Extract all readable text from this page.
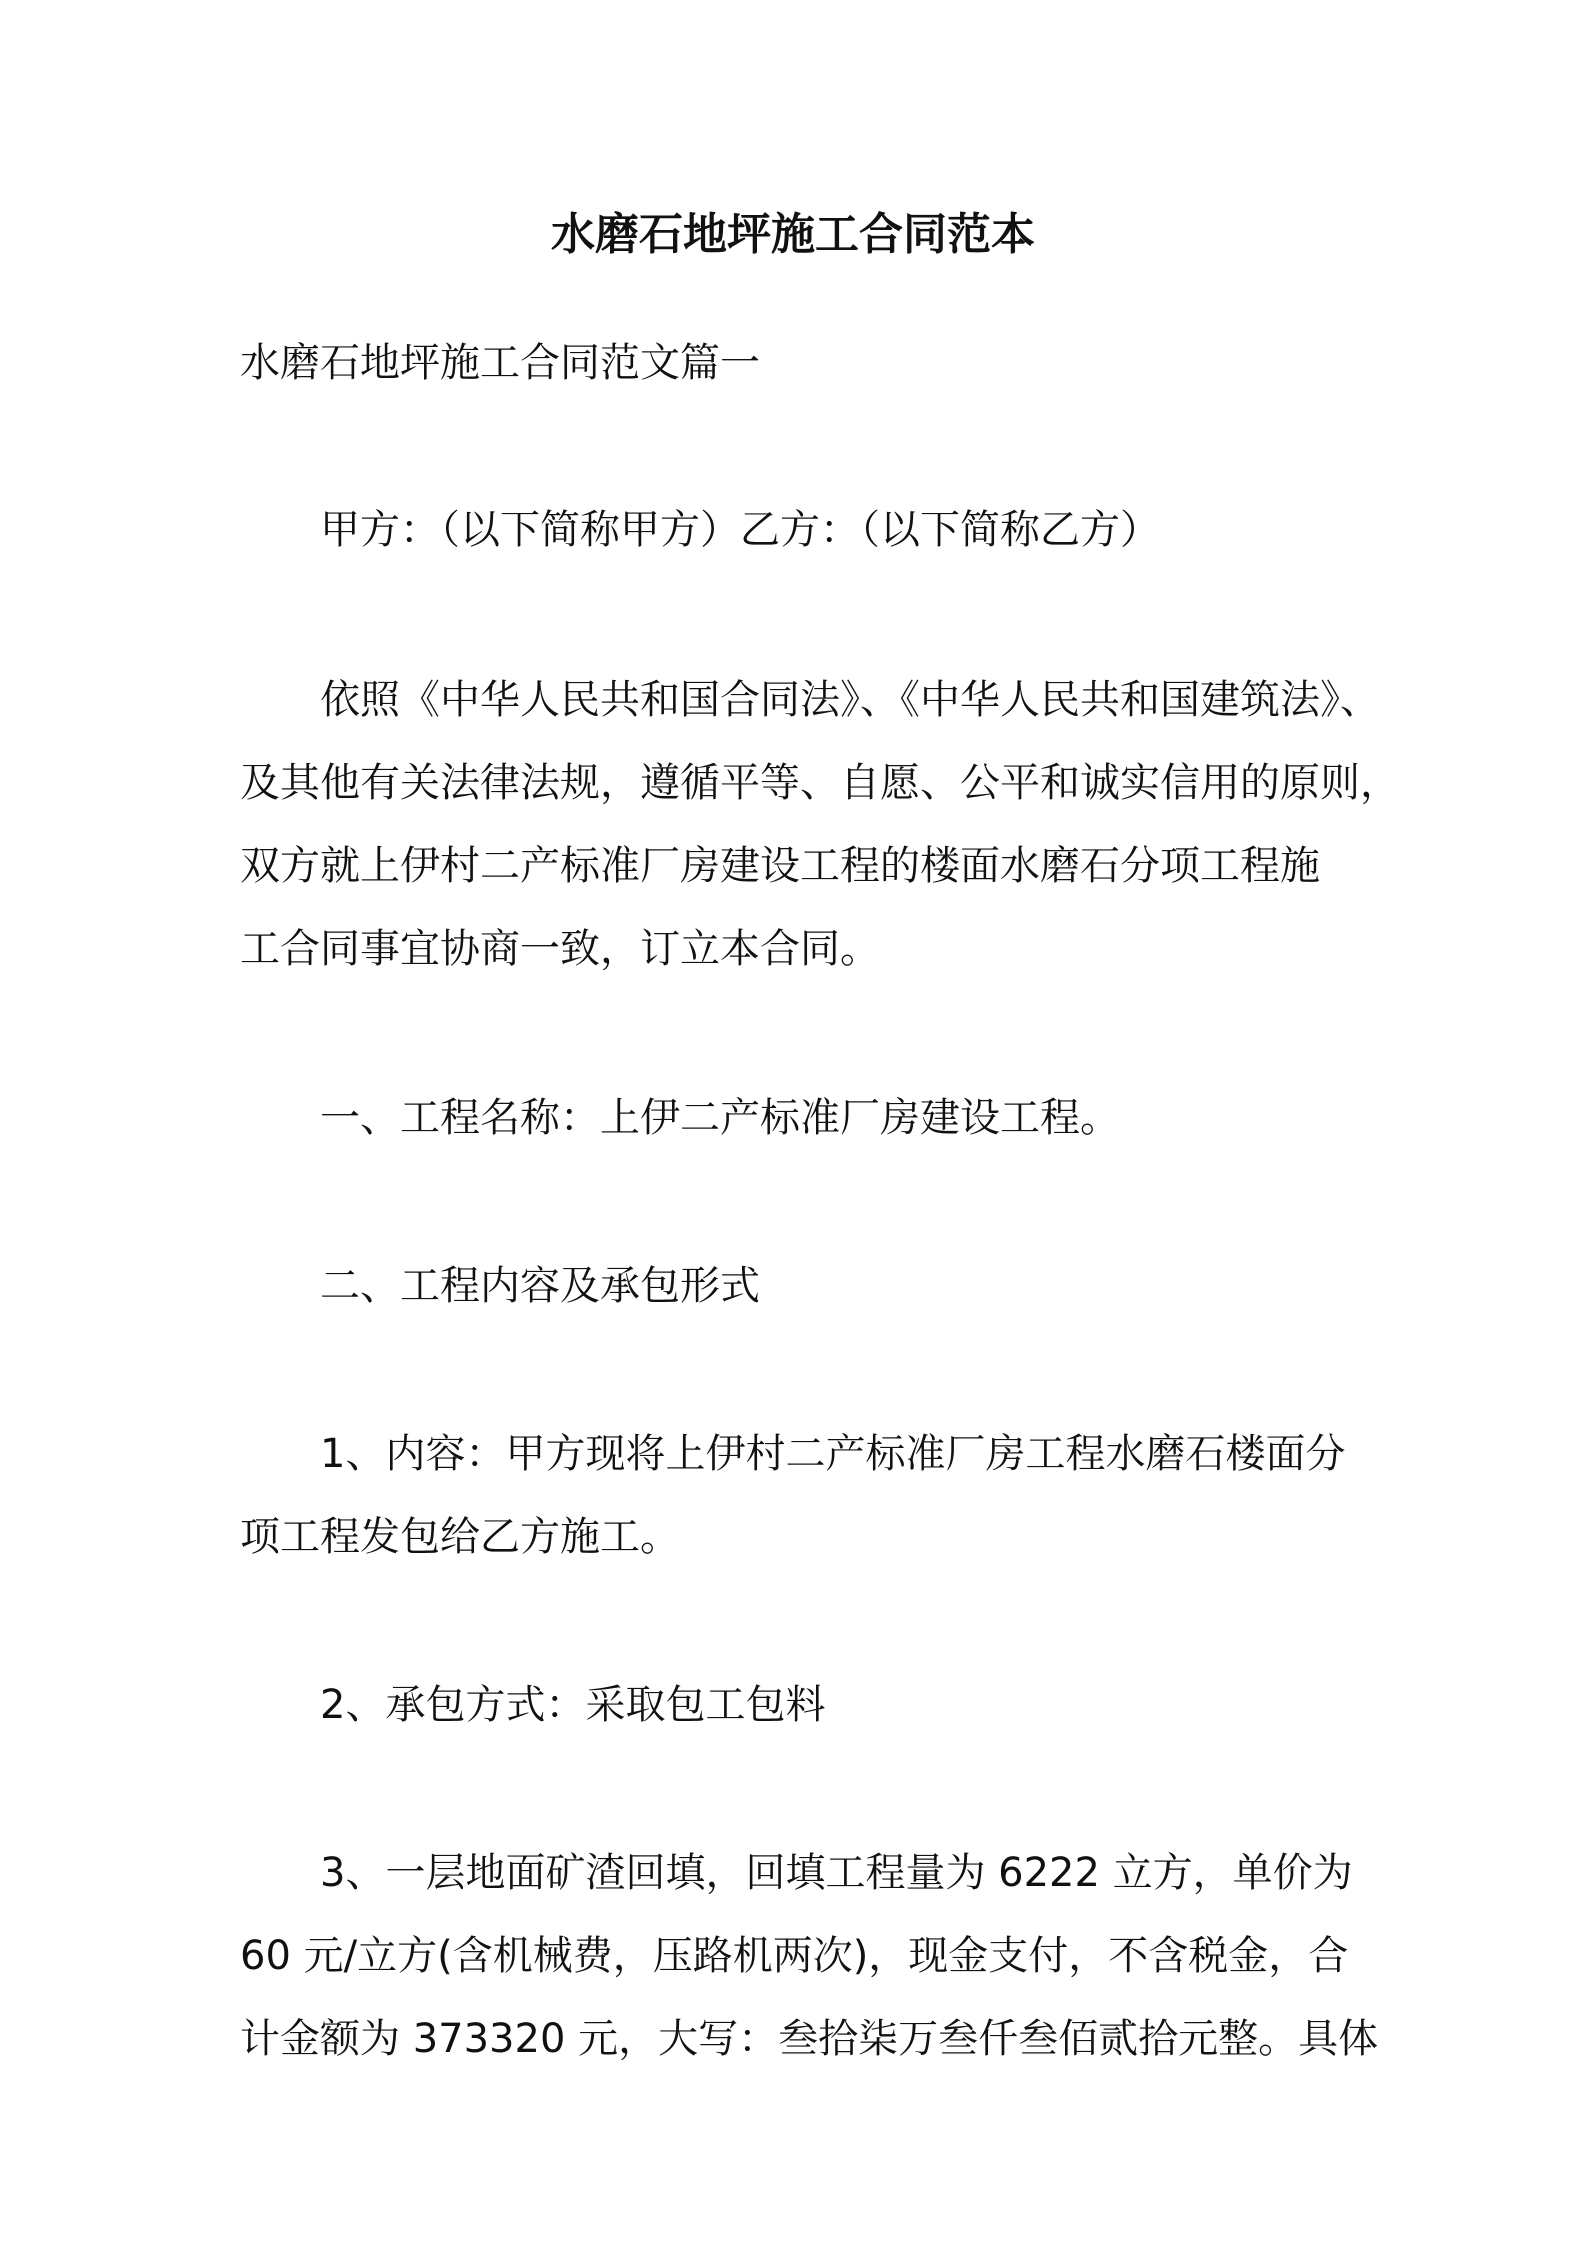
水磨石地坪施工合同范本
水磨石地坪施工合同范文篇一
甲方：（以下简称甲方）乙方：（以下简称乙方）
依照《中华人民共和国合同法》、《中华人民共和国建筑法》、
及其他有关法律法规，遵循平等、自愿、公平和诚实信用的原则，
双方就上伊村二产标准厂房建设工程的楼面水磨石分项工程施
工合同事宜协商一致，订立本合同。
一、工程名称：上伊二产标准厂房建设工程。
二、工程内容及承包形式
1、内容：甲方现将上伊村二产标准厂房工程水磨石楼面分
项工程发包给乙方施工。
2、承包方式：采取包工包料
3、一层地面矿渣回填，回填工程量为 6222 立方，单价为
60 元/立方(含机械费，压路机两次)，现金支付，不含税金，合
计金额为 373320 元，大写：叁拾柒万叁仟叁佰贰拾元整。具体
